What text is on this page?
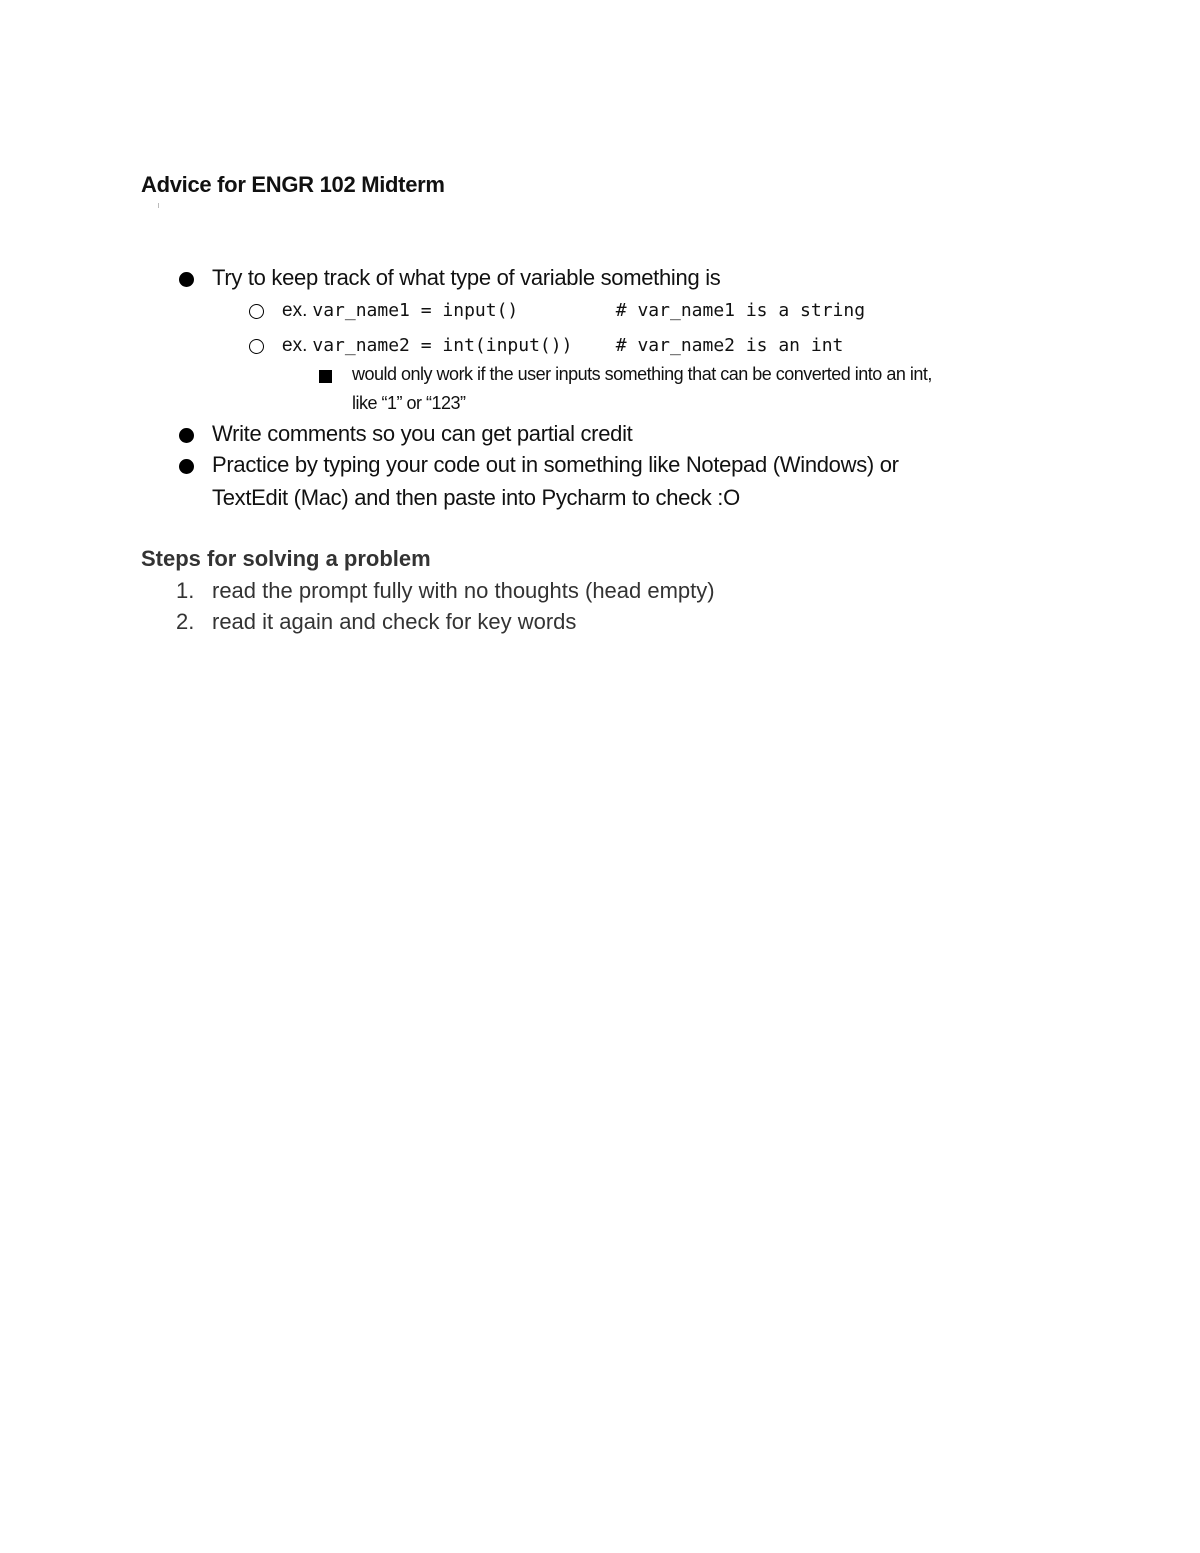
Advice for ENGR 102 Midterm
Try to keep track of what type of variable something is
ex. var_name1 = input()         # var_name1 is a string
ex. var_name2 = int(input())    # var_name2 is an int
would only work if the user inputs something that can be converted into an int,
like “1” or “123”
Write comments so you can get partial credit
Practice by typing your code out in something like Notepad (Windows) or
TextEdit (Mac) and then paste into Pycharm to check :O
Steps for solving a problem
1. read the prompt fully with no thoughts (head empty)
2. read it again and check for key words
